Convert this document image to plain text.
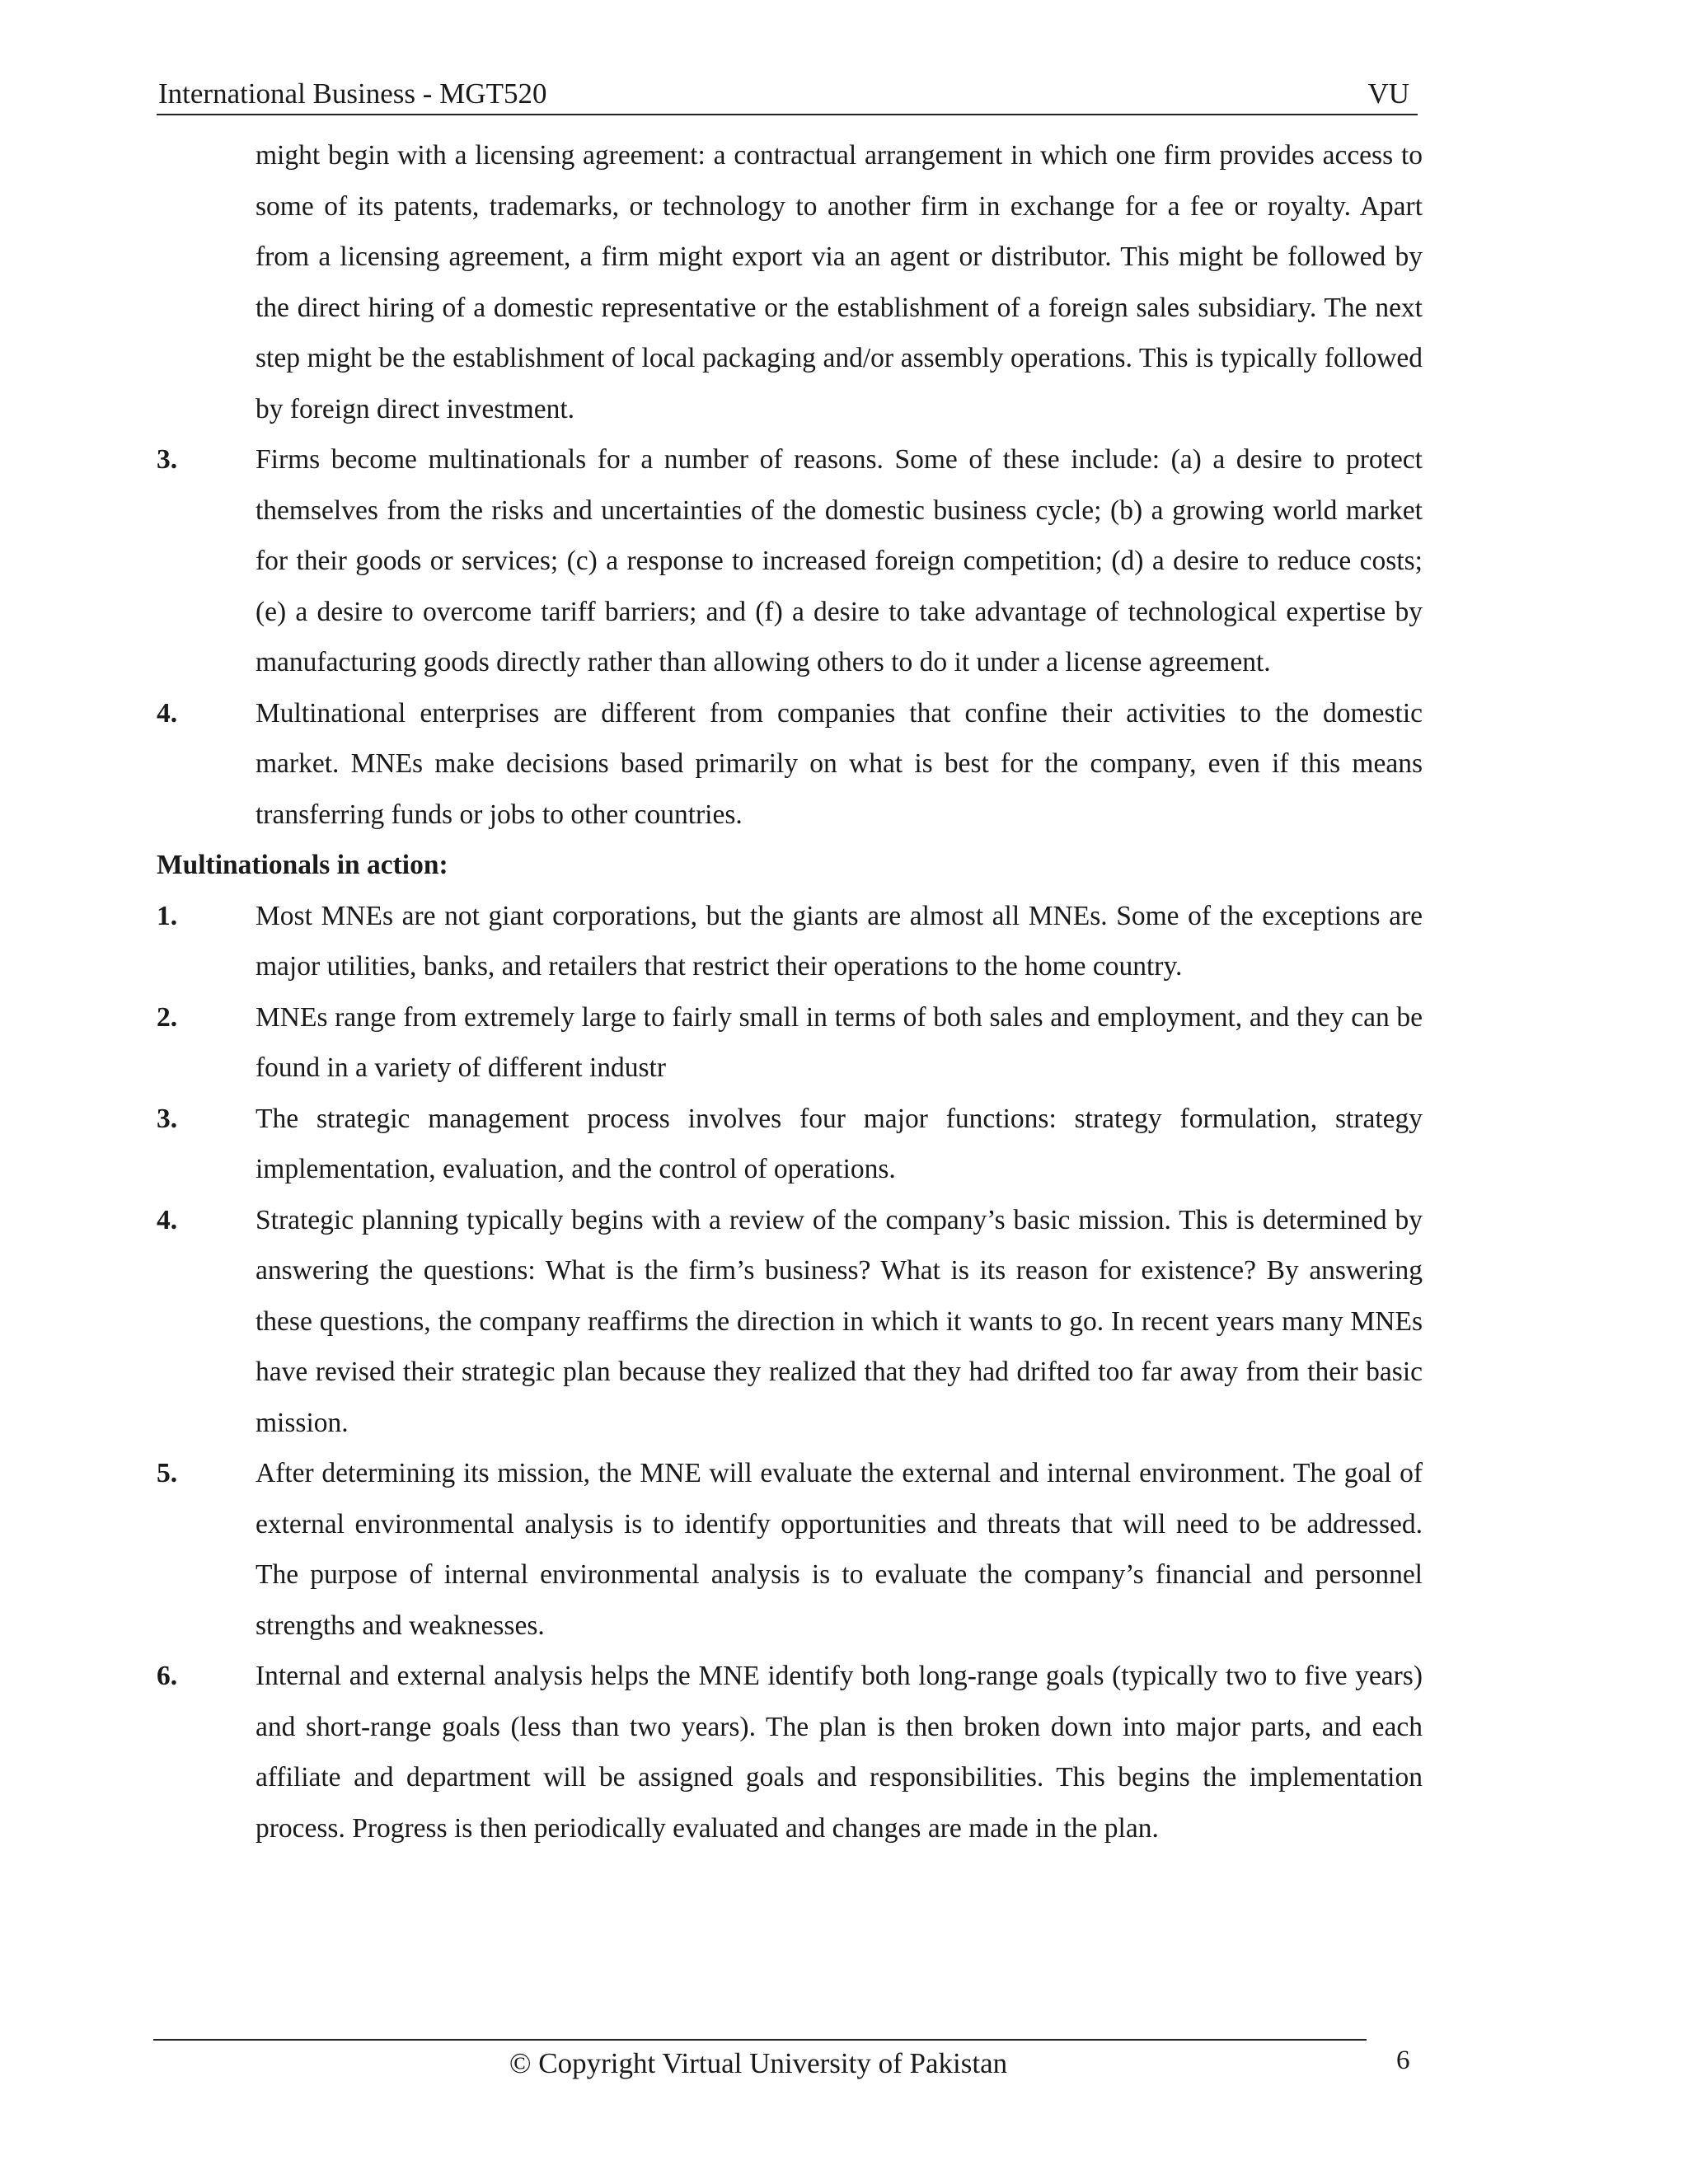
International Business - MGT520	VU
might begin with a licensing agreement: a contractual arrangement in which one firm provides access to some of its patents, trademarks, or technology to another firm in exchange for a fee or royalty. Apart from a licensing agreement, a firm might export via an agent or distributor. This might be followed by the direct hiring of a domestic representative or the establishment of a foreign sales subsidiary. The next step might be the establishment of local packaging and/or assembly operations. This is typically followed by foreign direct investment.
3.	Firms become multinationals for a number of reasons. Some of these include: (a) a desire to protect themselves from the risks and uncertainties of the domestic business cycle; (b) a growing world market for their goods or services; (c) a response to increased foreign competition; (d) a desire to reduce costs; (e) a desire to overcome tariff barriers; and (f) a desire to take advantage of technological expertise by manufacturing goods directly rather than allowing others to do it under a license agreement.
4.	Multinational enterprises are different from companies that confine their activities to the domestic market. MNEs make decisions based primarily on what is best for the company, even if this means transferring funds or jobs to other countries.
Multinationals in action:
1.	Most MNEs are not giant corporations, but the giants are almost all MNEs. Some of the exceptions are major utilities, banks, and retailers that restrict their operations to the home country.
2.	MNEs range from extremely large to fairly small in terms of both sales and employment, and they can be found in a variety of different industr
3.	The strategic management process involves four major functions: strategy formulation, strategy implementation, evaluation, and the control of operations.
4.	Strategic planning typically begins with a review of the company’s basic mission. This is determined by answering the questions: What is the firm’s business? What is its reason for existence? By answering these questions, the company reaffirms the direction in which it wants to go. In recent years many MNEs have revised their strategic plan because they realized that they had drifted too far away from their basic mission.
5.	After determining its mission, the MNE will evaluate the external and internal environment. The goal of external environmental analysis is to identify opportunities and threats that will need to be addressed. The purpose of internal environmental analysis is to evaluate the company’s financial and personnel strengths and weaknesses.
6.	Internal and external analysis helps the MNE identify both long-range goals (typically two to five years) and short-range goals (less than two years). The plan is then broken down into major parts, and each affiliate and department will be assigned goals and responsibilities. This begins the implementation process. Progress is then periodically evaluated and changes are made in the plan.
© Copyright Virtual University of Pakistan	6
